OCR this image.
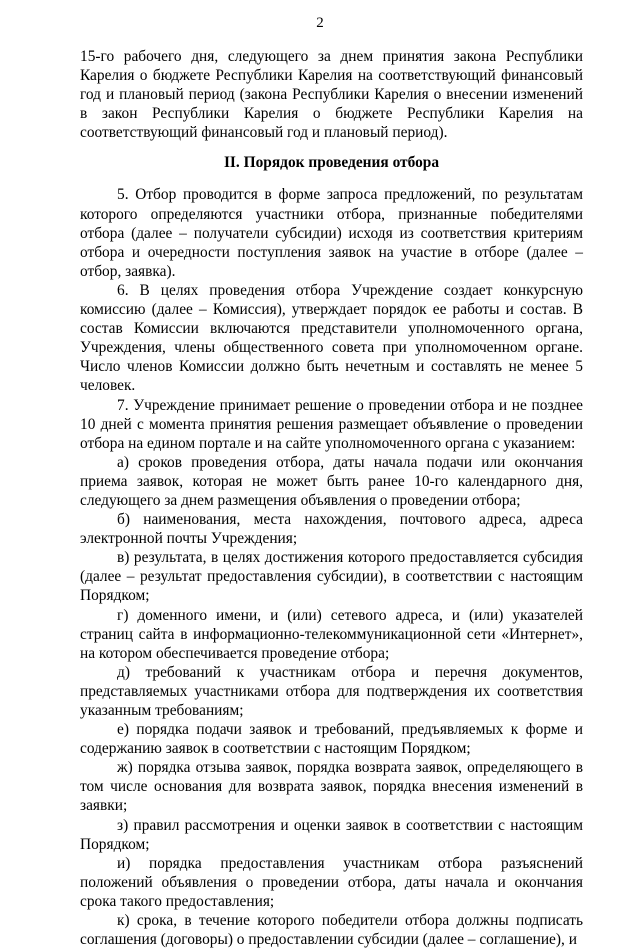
2

15-го рабочего дня, следующего за днем принятия закона Республики Карелия о бюджете Республики Карелия на соответствующий финансовый год и плановый период (закона Республики Карелия о внесении изменений в закон Республики Карелия о бюджете Республики Карелия на соответствующий финансовый год и плановый период).

II. Порядок проведения отбора

5. Отбор проводится в форме запроса предложений, по результатам которого определяются участники отбора, признанные победителями отбора (далее – получатели субсидии) исходя из соответствия критериям отбора и очередности поступления заявок на участие в отборе (далее – отбор, заявка).

6. В целях проведения отбора Учреждение создает конкурсную комиссию (далее – Комиссия), утверждает порядок ее работы и состав. В состав Комиссии включаются представители уполномоченного органа, Учреждения, члены общественного совета при уполномоченном органе. Число членов Комиссии должно быть нечетным и составлять не менее 5 человек.

7. Учреждение принимает решение о проведении отбора и не позднее 10 дней с момента принятия решения размещает объявление о проведении отбора на едином портале и на сайте уполномоченного органа с указанием:

а) сроков проведения отбора, даты начала подачи или окончания приема заявок, которая не может быть ранее 10-го календарного дня, следующего за днем размещения объявления о проведении отбора;

б) наименования, места нахождения, почтового адреса, адреса электронной почты Учреждения;

в) результата, в целях достижения которого предоставляется субсидия (далее – результат предоставления субсидии), в соответствии с настоящим Порядком;

г) доменного имени, и (или) сетевого адреса, и (или) указателей страниц сайта в информационно-телекоммуникационной сети «Интернет», на котором обеспечивается проведение отбора;

д) требований к участникам отбора и перечня документов, представляемых участниками отбора для подтверждения их соответствия указанным требованиям;

е) порядка подачи заявок и требований, предъявляемых к форме и содержанию заявок в соответствии с настоящим Порядком;

ж) порядка отзыва заявок, порядка возврата заявок, определяющего в том числе основания для возврата заявок, порядка внесения изменений в заявки;

з) правил рассмотрения и оценки заявок в соответствии с настоящим Порядком;

и) порядка предоставления участникам отбора разъяснений положений объявления о проведении отбора, даты начала и окончания срока такого предоставления;

к) срока, в течение которого победители отбора должны подписать соглашения (договоры) о предоставлении субсидии (далее – соглашение), и
